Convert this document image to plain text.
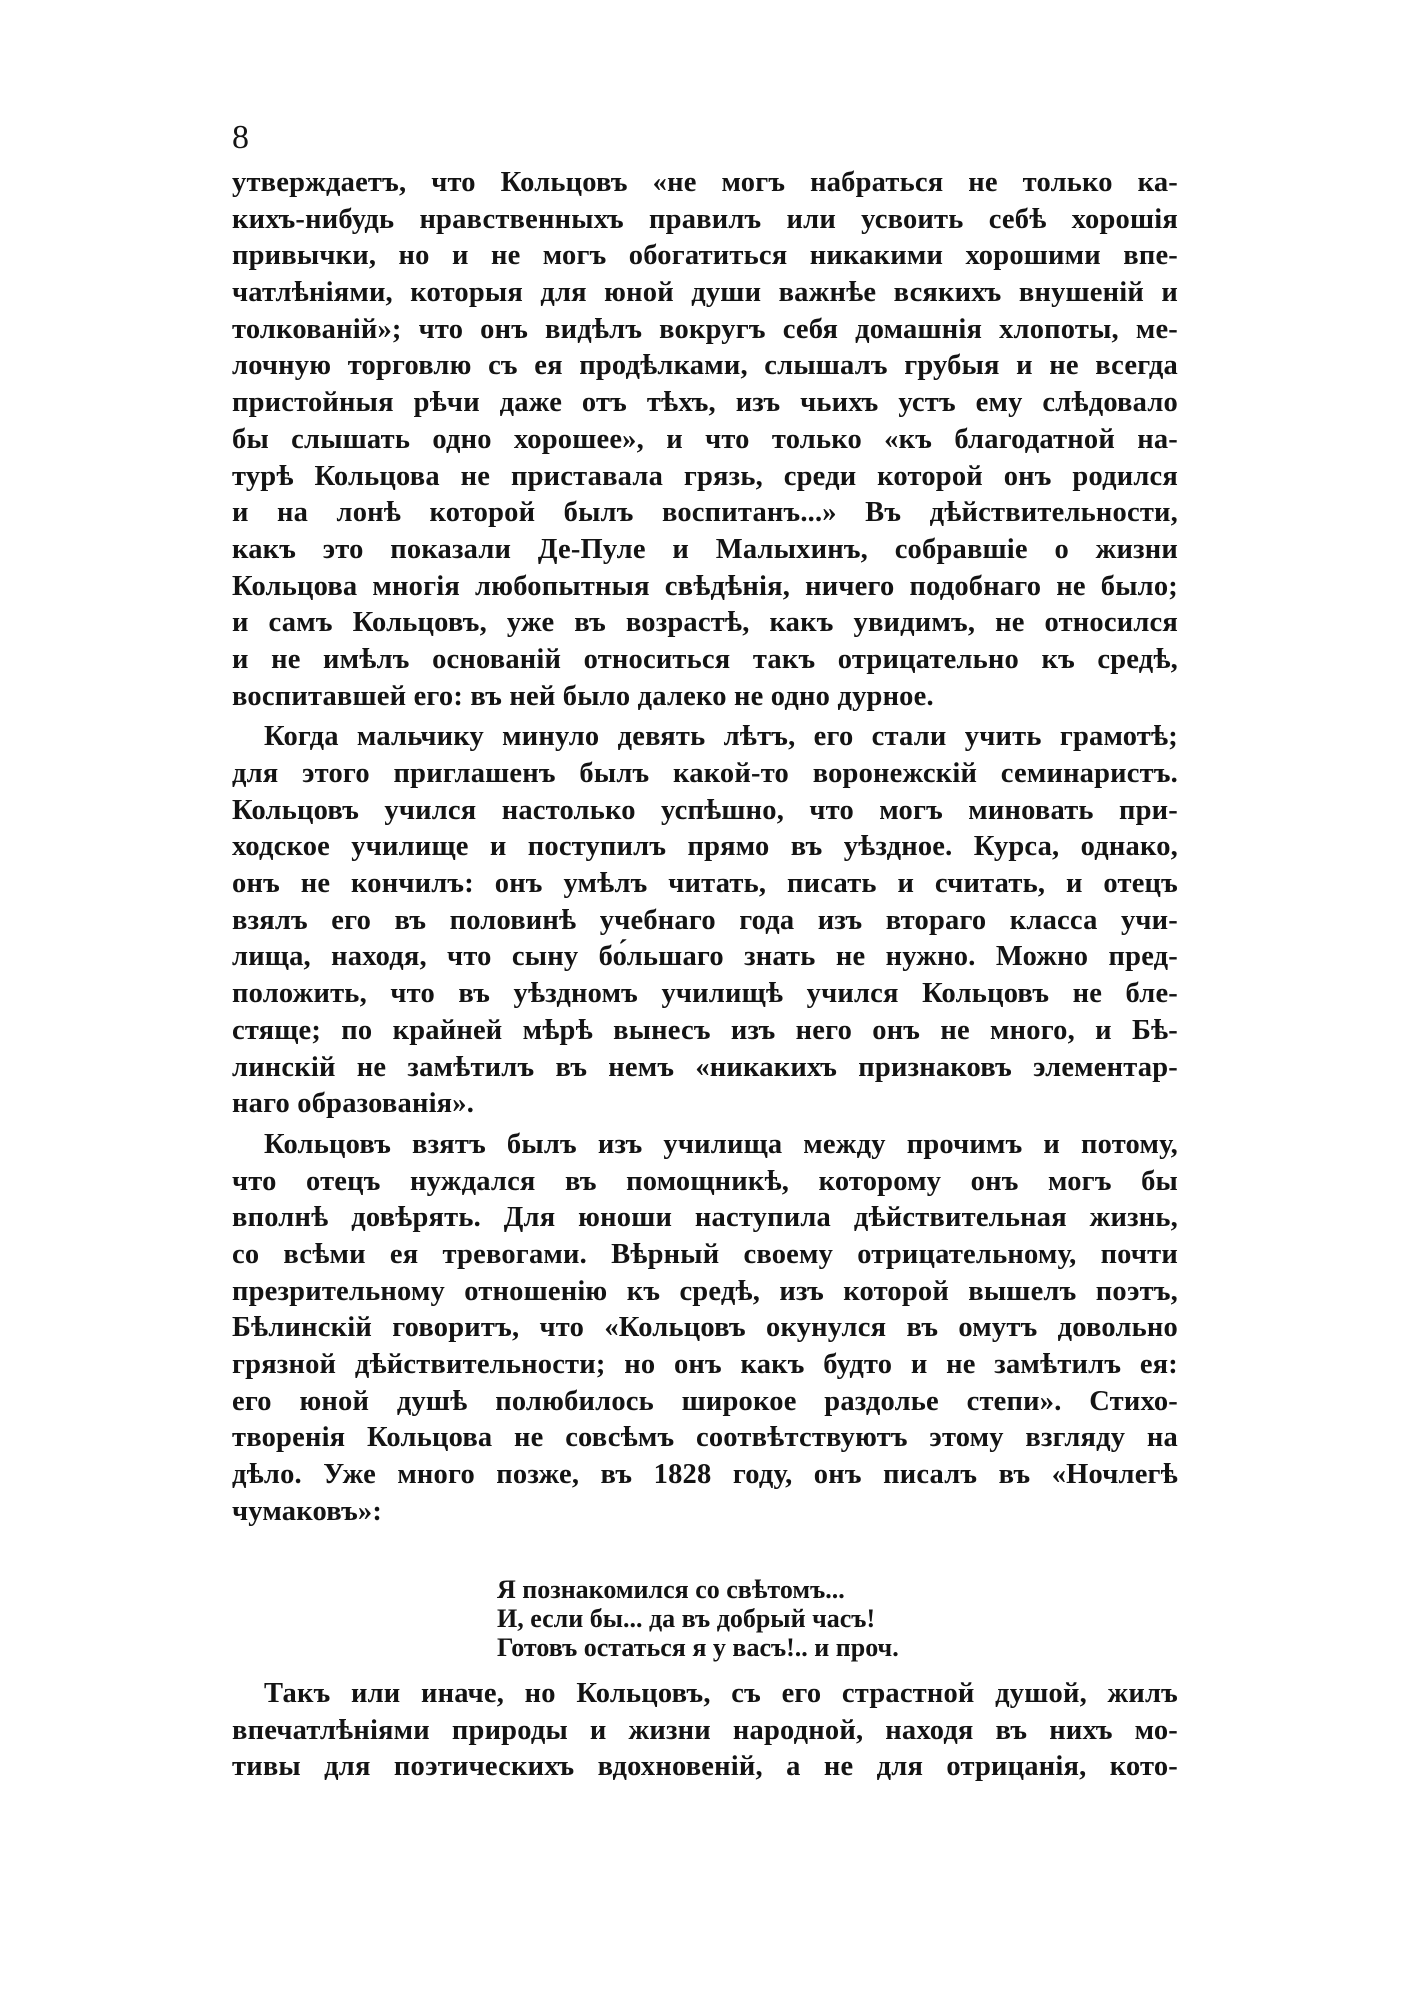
8
утверждаетъ, что Кольцовъ «не могъ набраться не только ка-
кихъ-нибудь нравственныхъ правилъ или усвоить себѣ хорошія
привычки, но и не могъ обогатиться никакими хорошими впе-
чатлѣніями, которыя для юной души важнѣе всякихъ внушеній и
толкованій»; что онъ видѣлъ вокругъ себя домашнія хлопоты, ме-
лочную торговлю съ ея продѣлками, слышалъ грубыя и не всегда
пристойныя рѣчи даже отъ тѣхъ, изъ чьихъ устъ ему слѣдовало
бы слышать одно хорошее», и что только «къ благодатной на-
турѣ Кольцова не приставала грязь, среди которой онъ родился
и на лонѣ которой былъ воспитанъ...» Въ дѣйствительности,
какъ это показали Де-Пуле и Малыхинъ, собравшіе о жизни
Кольцова многія любопытныя свѣдѣнія, ничего подобнаго не было;
и самъ Кольцовъ, уже въ возрастѣ, какъ увидимъ, не относился
и не имѣлъ основаній относиться такъ отрицательно къ средѣ,
воспитавшей его: въ ней было далеко не одно дурное.
Когда мальчику минуло девять лѣтъ, его стали учить грамотѣ;
для этого приглашенъ былъ какой-то воронежскій семинаристъ.
Кольцовъ учился настолько успѣшно, что могъ миновать при-
ходское училище и поступилъ прямо въ уѣздное. Курса, однако,
онъ не кончилъ: онъ умѣлъ читать, писать и считать, и отецъ
взялъ его въ половинѣ учебнаго года изъ втораго класса учи-
лища, находя, что сыну бо́льшаго знать не нужно. Можно пред-
положить, что въ уѣздномъ училищѣ учился Кольцовъ не бле-
стяще; по крайней мѣрѣ вынесъ изъ него онъ не много, и Бѣ-
линскій не замѣтилъ въ немъ «никакихъ признаковъ элементар-
наго образованія».
Кольцовъ взятъ былъ изъ училища между прочимъ и потому,
что отецъ нуждался въ помощникѣ, которому онъ могъ бы
вполнѣ довѣрять. Для юноши наступила дѣйствительная жизнь,
со всѣми ея тревогами. Вѣрный своему отрицательному, почти
презрительному отношенію къ средѣ, изъ которой вышелъ поэтъ,
Бѣлинскій говоритъ, что «Кольцовъ окунулся въ омутъ довольно
грязной дѣйствительности; но онъ какъ будто и не замѣтилъ ея:
его юной душѣ полюбилось широкое раздолье степи». Стихо-
творенія Кольцова не совсѣмъ соотвѣтствуютъ этому взгляду на
дѣло. Уже много позже, въ 1828 году, онъ писалъ въ «Ночлегѣ
чумаковъ»:
Я познакомился со свѣтомъ...
И, если бы... да въ добрый часъ!
Готовъ остаться я у васъ!.. и проч.
Такъ или иначе, но Кольцовъ, съ его страстной душой, жилъ
впечатлѣніями природы и жизни народной, находя въ нихъ мо-
тивы для поэтическихъ вдохновеній, а не для отрицанія, кото-
